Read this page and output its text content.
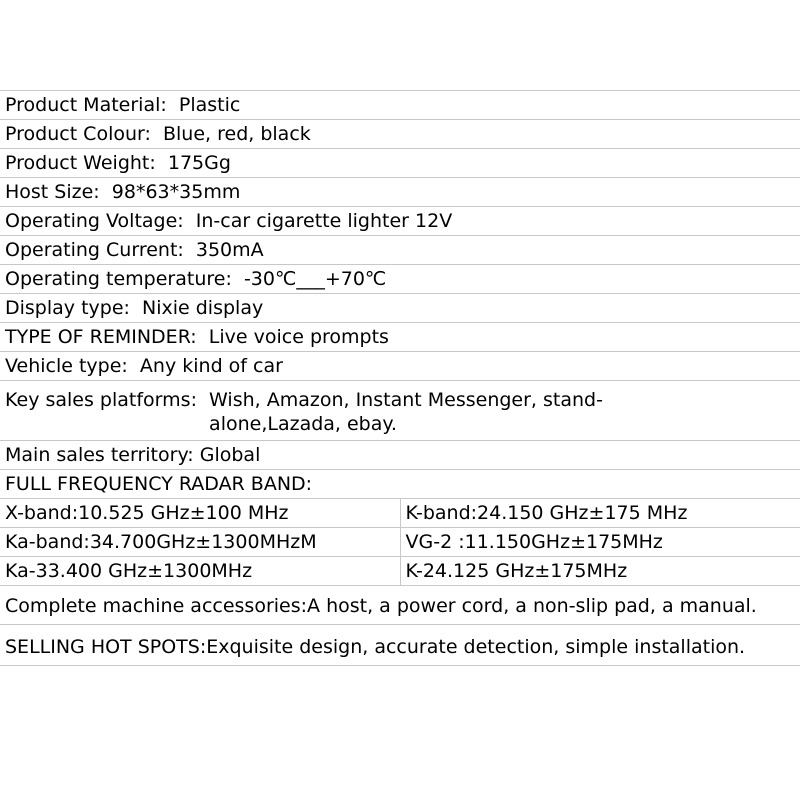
Product Material:  Plastic	
Product Colour:  Blue, red, black	
Product Weight:  175Gg	
Host Size:  98*63*35mm	
Operating Voltage:  In-car cigarette lighter 12V	
Operating Current:  350mA	
Operating temperature:  -30℃___+70℃	
Display type:  Nixie display	
TYPE OF REMINDER:  Live voice prompts	
Vehicle type:  Any kind of car	

Key sales platforms: Wish, Amazon, Instant Messenger, stand-alone,Lazada, ebay.	

Main sales territory: Global	
FULL FREQUENCY RADAR BAND:	
X-band:10.525 GHz±100 MHz	K-band:24.150 GHz±175 MHz
Ka-band:34.700GHz±1300MHzM	VG-2 :11.150GHz±175MHz
Ka-33.400 GHz±1300MHz	K-24.125 GHz±175MHz

Complete machine accessories: A host, a power cord, a non-slip pad, a manual.	

SELLING HOT SPOTS: Exquisite design, accurate detection, simple installation.	
